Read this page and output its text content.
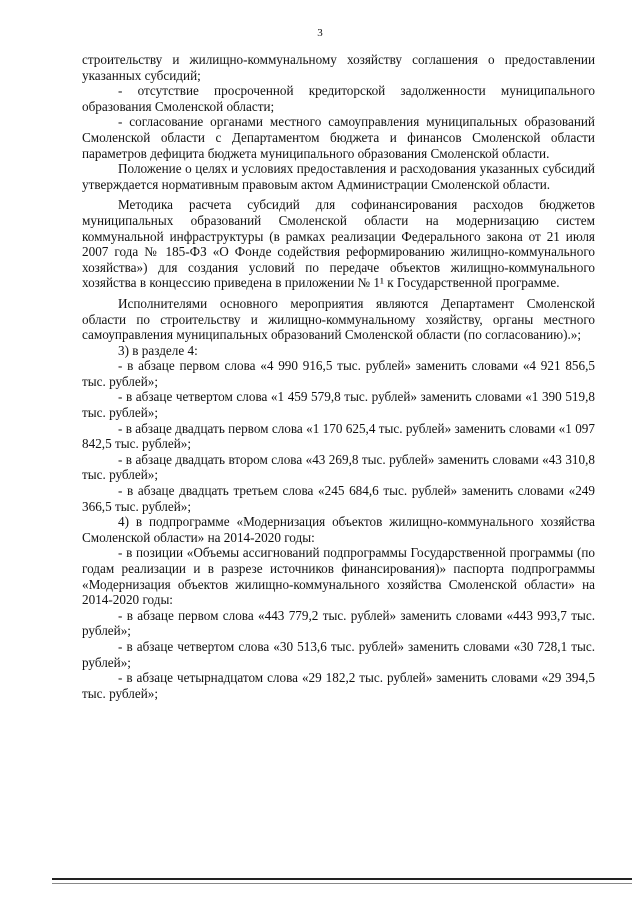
3

строительству и жилищно-коммунальному хозяйству соглашения о предоставлении указанных субсидий;

- отсутствие просроченной кредиторской задолженности муниципального образования Смоленской области;

- согласование органами местного самоуправления муниципальных образований Смоленской области с Департаментом бюджета и финансов Смоленской области параметров дефицита бюджета муниципального образования Смоленской области.

Положение о целях и условиях предоставления и расходования указанных субсидий утверждается нормативным правовым актом Администрации Смоленской области.

Методика расчета субсидий для софинансирования расходов бюджетов муниципальных образований Смоленской области на модернизацию систем коммунальной инфраструктуры (в рамках реализации Федерального закона от 21 июля 2007 года № 185-ФЗ «О Фонде содействия реформированию жилищно-коммунального хозяйства») для создания условий по передаче объектов жилищно-коммунального хозяйства в концессию приведена в приложении № 1¹ к Государственной программе.

Исполнителями основного мероприятия являются Департамент Смоленской области по строительству и жилищно-коммунальному хозяйству, органы местного самоуправления муниципальных образований Смоленской области (по согласованию).»;

3) в разделе 4:

- в абзаце первом слова «4 990 916,5 тыс. рублей» заменить словами «4 921 856,5 тыс. рублей»;

- в абзаце четвертом слова «1 459 579,8 тыс. рублей» заменить словами «1 390 519,8 тыс. рублей»;

- в абзаце двадцать первом слова «1 170 625,4 тыс. рублей» заменить словами «1 097 842,5 тыс. рублей»;

- в абзаце двадцать втором слова «43 269,8 тыс. рублей» заменить словами «43 310,8 тыс. рублей»;

- в абзаце двадцать третьем слова «245 684,6 тыс. рублей» заменить словами «249 366,5 тыс. рублей»;

4) в подпрограмме «Модернизация объектов жилищно-коммунального хозяйства Смоленской области» на 2014-2020 годы:

- в позиции «Объемы ассигнований подпрограммы Государственной программы (по годам реализации и в разрезе источников финансирования)» паспорта подпрограммы «Модернизация объектов жилищно-коммунального хозяйства Смоленской области» на 2014-2020 годы:

- в абзаце первом слова «443 779,2 тыс. рублей» заменить словами «443 993,7 тыс. рублей»;

- в абзаце четвертом слова «30 513,6 тыс. рублей» заменить словами «30 728,1 тыс. рублей»;

- в абзаце четырнадцатом слова «29 182,2 тыс. рублей» заменить словами «29 394,5 тыс. рублей»;
